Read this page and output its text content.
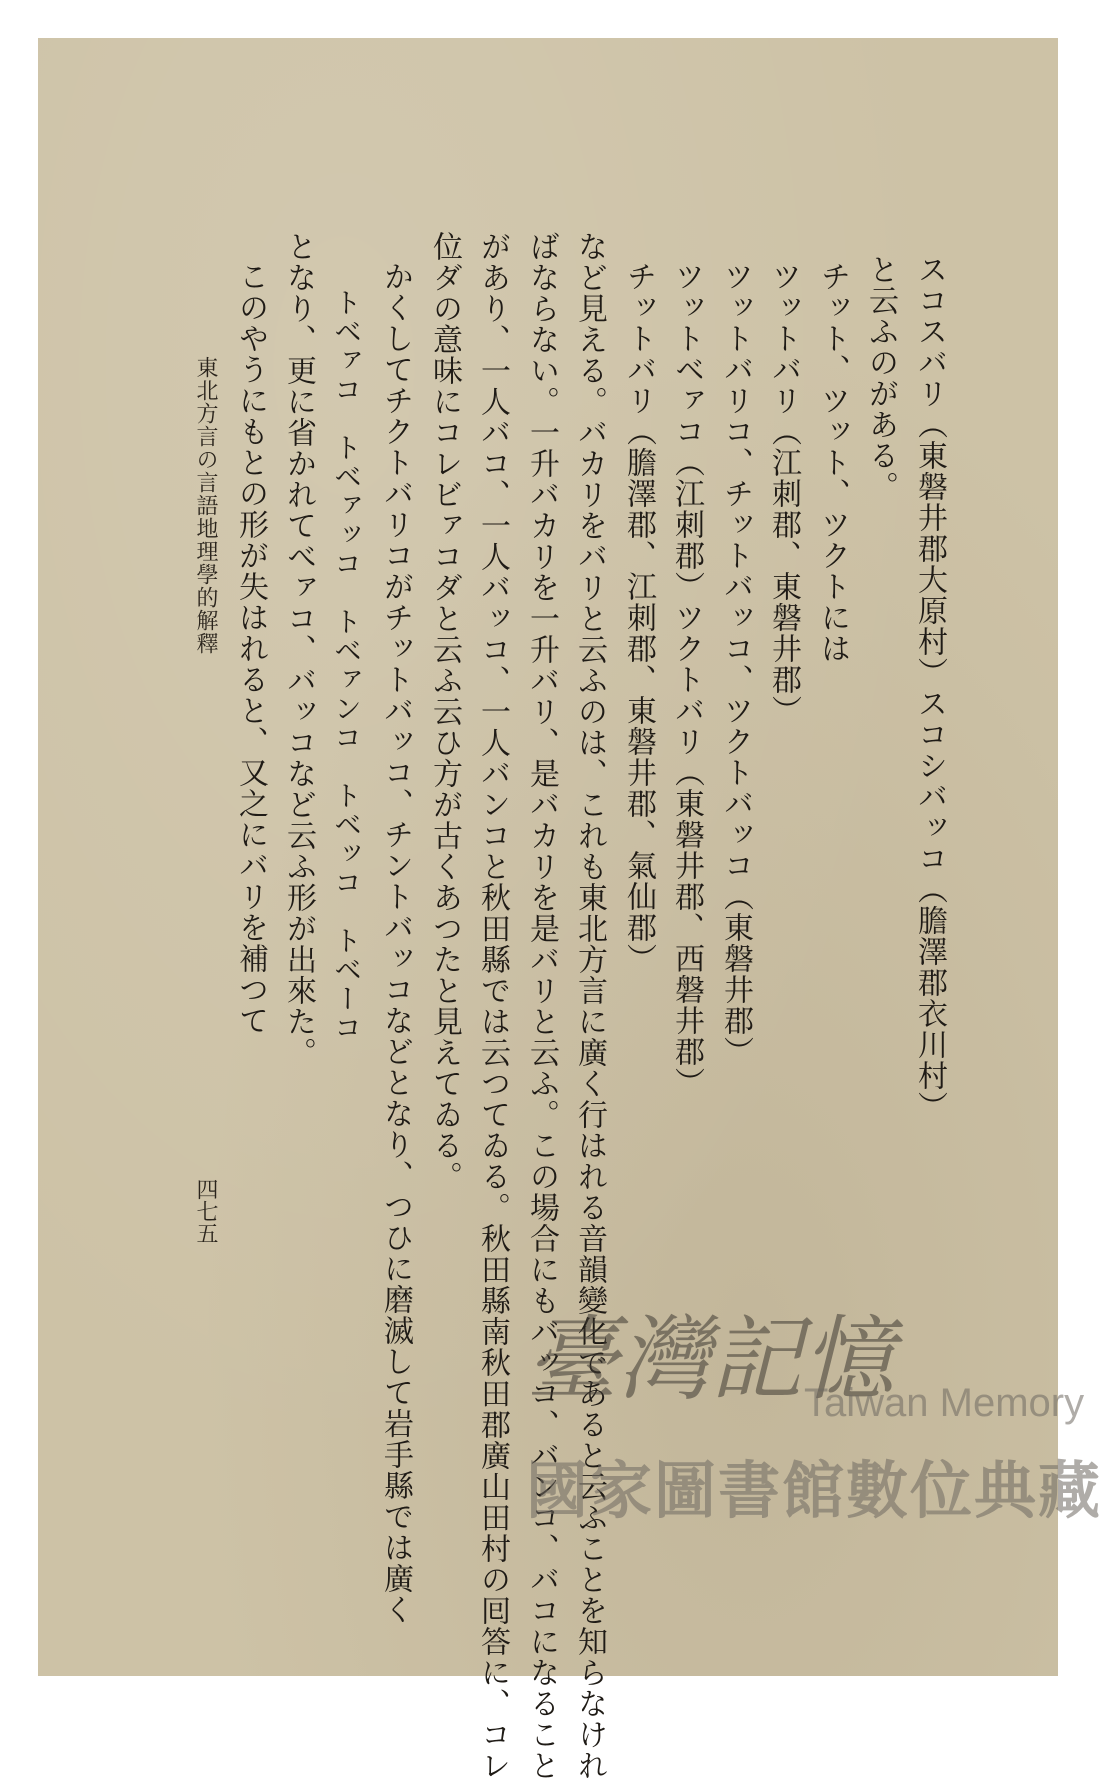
スコスバリ（東磐井郡大原村）スコシバッコ（膽澤郡衣川村）
と云ふのがある。
チット、ツット、ツクトには
ツットバリ（江刺郡、東磐井郡）
ツットバリコ、チットバッコ、ツクトバッコ（東磐井郡）
ツットベァコ（江刺郡）ツクトバリ（東磐井郡、西磐井郡）
チットバリ（膽澤郡、江刺郡、東磐井郡、氣仙郡）
など見える。バカリをバリと云ふのは、これも東北方言に廣く行はれる音韻變化であると云ふことを知らなけれ
ばならない。一升バカリを一升バリ、是バカリを是バリと云ふ。この場合にもバッコ、バンコ、バコになること
があり、一人バコ、一人バッコ、一人バンコと秋田縣では云つてゐる。秋田縣南秋田郡廣山田村の囘答に、コレ
位ダの意味にコレビァコダと云ふ云ひ方が古くあつたと見えてゐる。
かくしてチクトバリコがチットバッコ、チントバッコなどとなり、つひに磨滅して岩手縣では廣く
トベァコ　トベァッコ　トベァンコ　トベッコ　トベーコ
となり、更に省かれてべァコ、バッコなど云ふ形が出來た。
このやうにもとの形が失はれると、又之にバリを補つて
東北方言の言語地理學的解釋
四七五
臺灣記憶
Taiwan Memory
國家圖書館數位典藏
